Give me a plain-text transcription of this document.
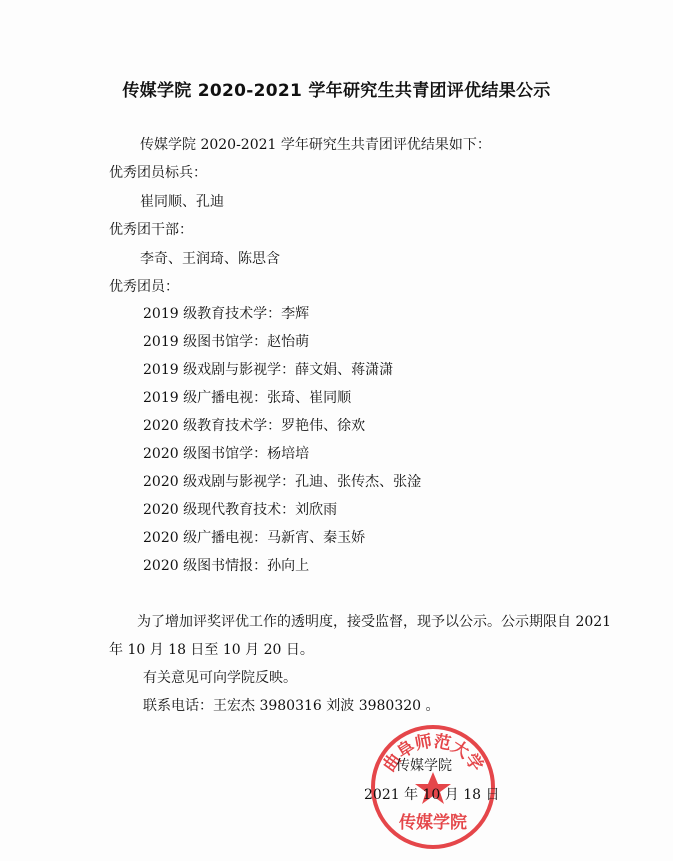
传媒学院 2020-2021 学年研究生共青团评优结果公示
传媒学院 2020-2021 学年研究生共青团评优结果如下：
优秀团员标兵：
崔同顺、孔迪
优秀团干部：
李奇、王润琦、陈思含
优秀团员：
2019 级教育技术学：李辉
2019 级图书馆学：赵怡萌
2019 级戏剧与影视学：薛文娟、蒋潇潇
2019 级广播电视：张琦、崔同顺
2020 级教育技术学：罗艳伟、徐欢
2020 级图书馆学：杨培培
2020 级戏剧与影视学：孔迪、张传杰、张淦
2020 级现代教育技术：刘欣雨
2020 级广播电视：马新宵、秦玉娇
2020 级图书情报：孙向上
为了增加评奖评优工作的透明度，接受监督，现予以公示。公示期限自 2021
年 10 月 18 日至 10 月 20 日。
有关意见可向学院反映。
联系电话：王宏杰 3980316 刘波 3980320 。
曲阜师范大学
传媒学院
传媒学院
2021 年 10 月 18 日
